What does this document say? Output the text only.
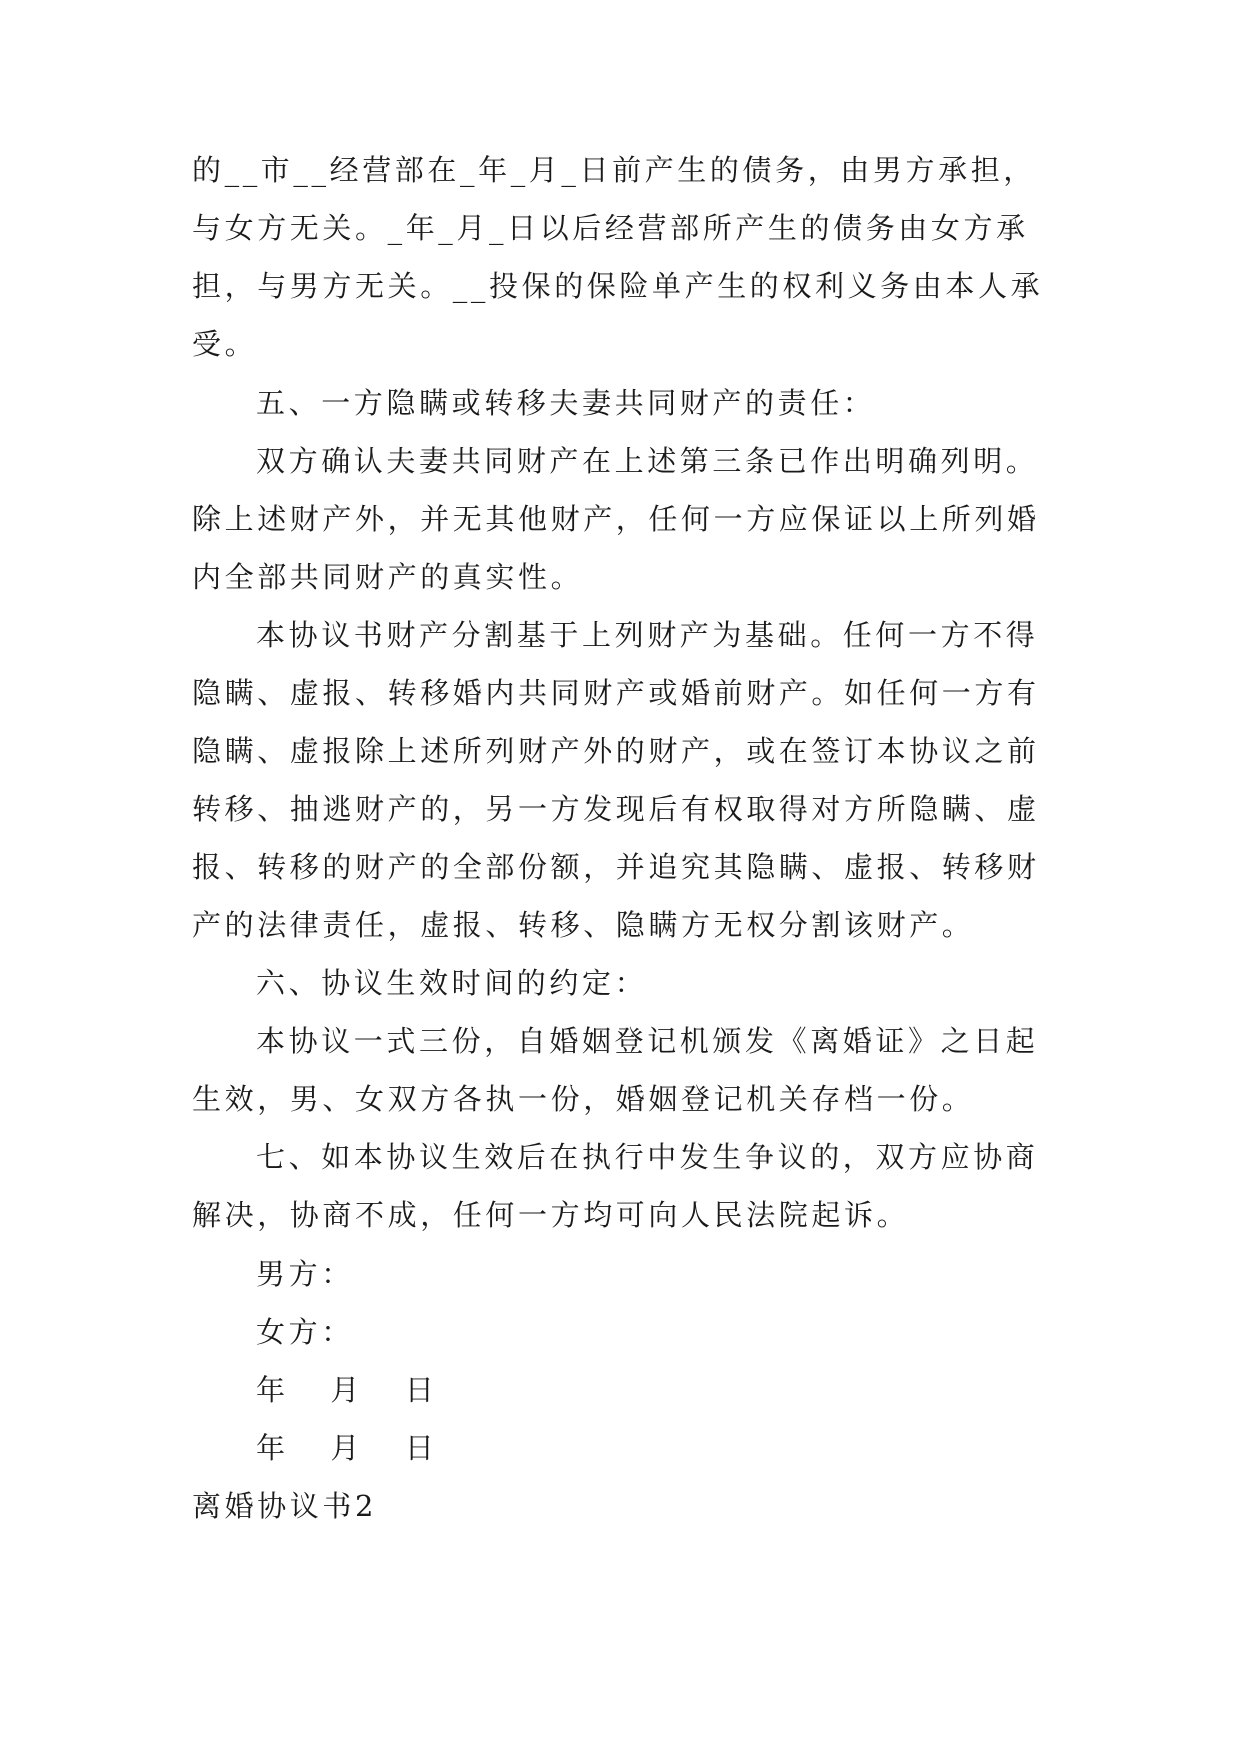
的__市__经营部在_年_月_日前产生的债务，由男方承担，
与女方无关。_年_月_日以后经营部所产生的债务由女方承
担，与男方无关。__投保的保险单产生的权利义务由本人承
受。
五、一方隐瞒或转移夫妻共同财产的责任：
双方确认夫妻共同财产在上述第三条已作出明确列明。
除上述财产外，并无其他财产，任何一方应保证以上所列婚
内全部共同财产的真实性。
本协议书财产分割基于上列财产为基础。任何一方不得
隐瞒、虚报、转移婚内共同财产或婚前财产。如任何一方有
隐瞒、虚报除上述所列财产外的财产，或在签订本协议之前
转移、抽逃财产的，另一方发现后有权取得对方所隐瞒、虚
报、转移的财产的全部份额，并追究其隐瞒、虚报、转移财
产的法律责任，虚报、转移、隐瞒方无权分割该财产。
六、协议生效时间的约定：
本协议一式三份，自婚姻登记机颁发《离婚证》之日起
生效，男、女双方各执一份，婚姻登记机关存档一份。
七、如本协议生效后在执行中发生争议的，双方应协商
解决，协商不成，任何一方均可向人民法院起诉。
男方：
女方：
年  月  日
年  月  日
离婚协议书2
